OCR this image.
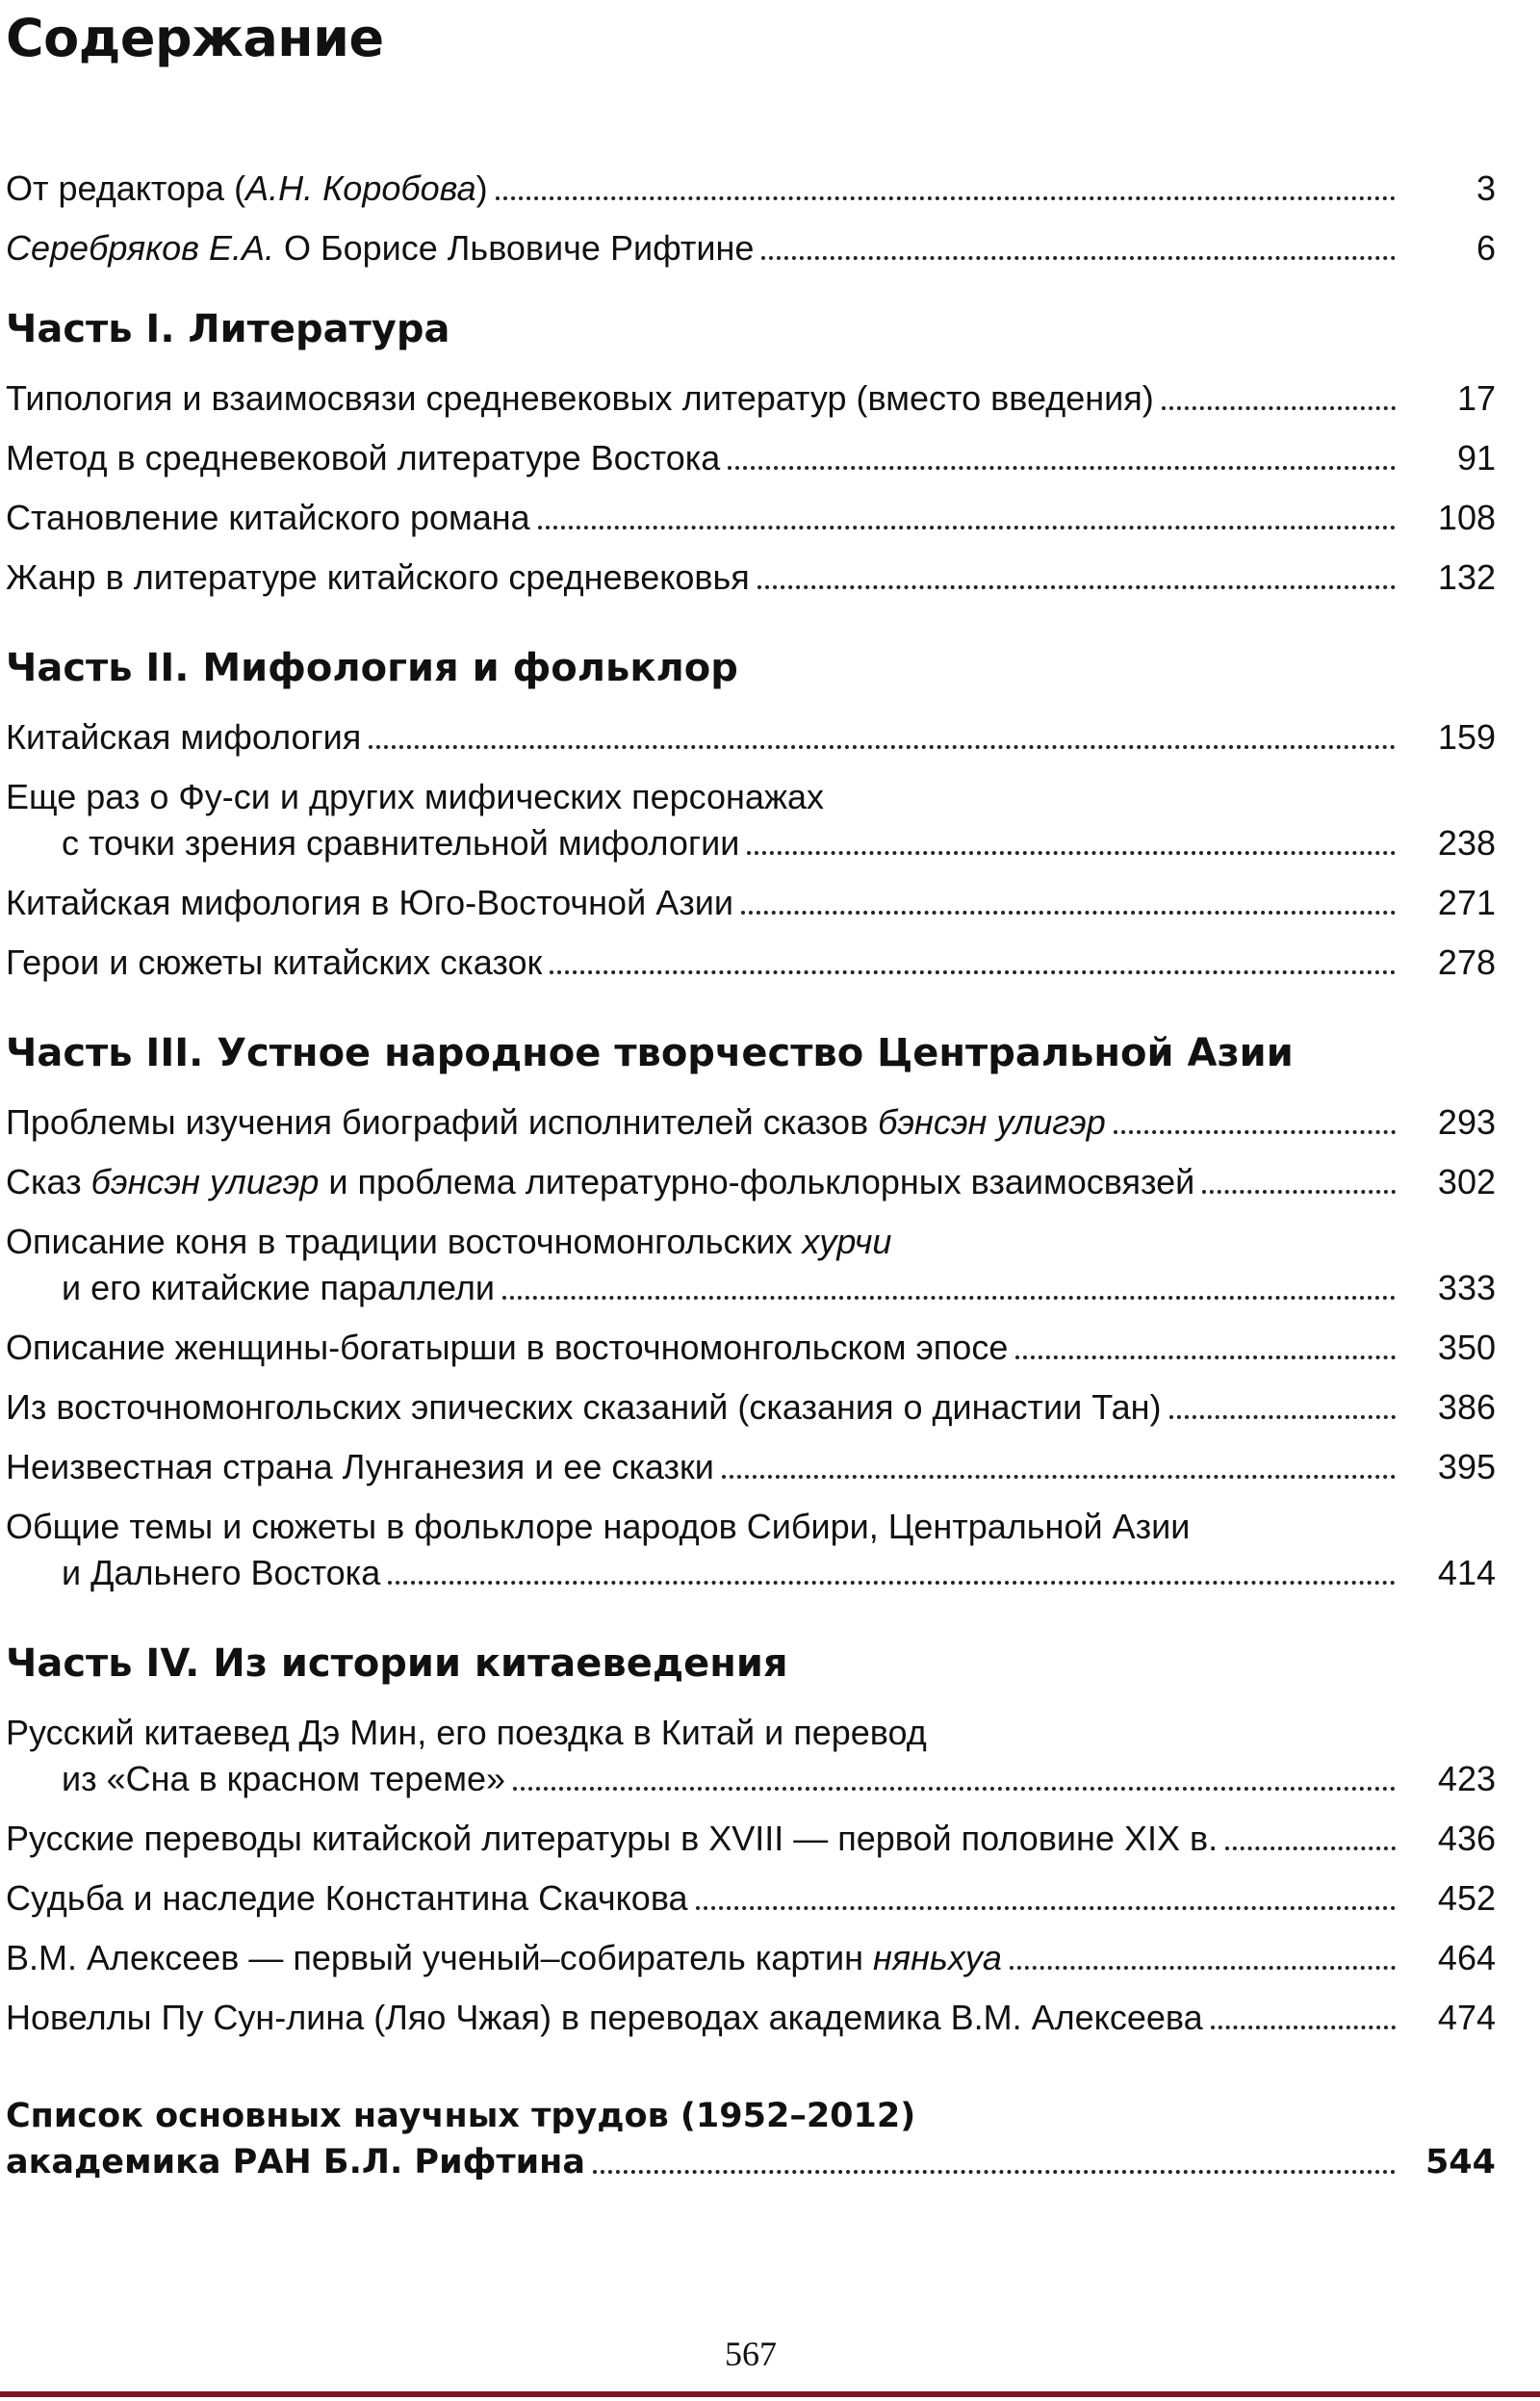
Содержание
От редактора (А.Н. Коробова)	3
Серебряков Е.А. О Борисе Львовиче Рифтине	6
Часть I. Литература
Типология и взаимосвязи средневековых литератур (вместо введения)	17
Метод в средневековой литературе Востока	91
Становление китайского романа	108
Жанр в литературе китайского средневековья	132
Часть II. Мифология и фольклор
Китайская мифология	159
Еще раз о Фу-си и других мифических персонажах
с точки зрения сравнительной мифологии	238
Китайская мифология в Юго-Восточной Азии	271
Герои и сюжеты китайских сказок	278
Часть III. Устное народное творчество Центральной Азии
Проблемы изучения биографий исполнителей сказов бэнсэн улигэр	293
Сказ бэнсэн улигэр и проблема литературно-фольклорных взаимосвязей	302
Описание коня в традиции восточномонгольских хурчи
и его китайские параллели	333
Описание женщины-богатырши в восточномонгольском эпосе	350
Из восточномонгольских эпических сказаний (сказания о династии Тан)	386
Неизвестная страна Лунганезия и ее сказки	395
Общие темы и сюжеты в фольклоре народов Сибири, Центральной Азии
и Дальнего Востока	414
Часть IV. Из истории китаеведения
Русский китаевед Дэ Мин, его поездка в Китай и перевод
из «Сна в красном тереме»	423
Русские переводы китайской литературы в XVIII — первой половине XIX в.	436
Судьба и наследие Константина Скачкова	452
В.М. Алексеев — первый ученый–собиратель картин няньхуа	464
Новеллы Пу Сун-лина (Ляо Чжая) в переводах академика В.М. Алексеева	474
Список основных научных трудов (1952–2012)
академика РАН Б.Л. Рифтина	544
567
